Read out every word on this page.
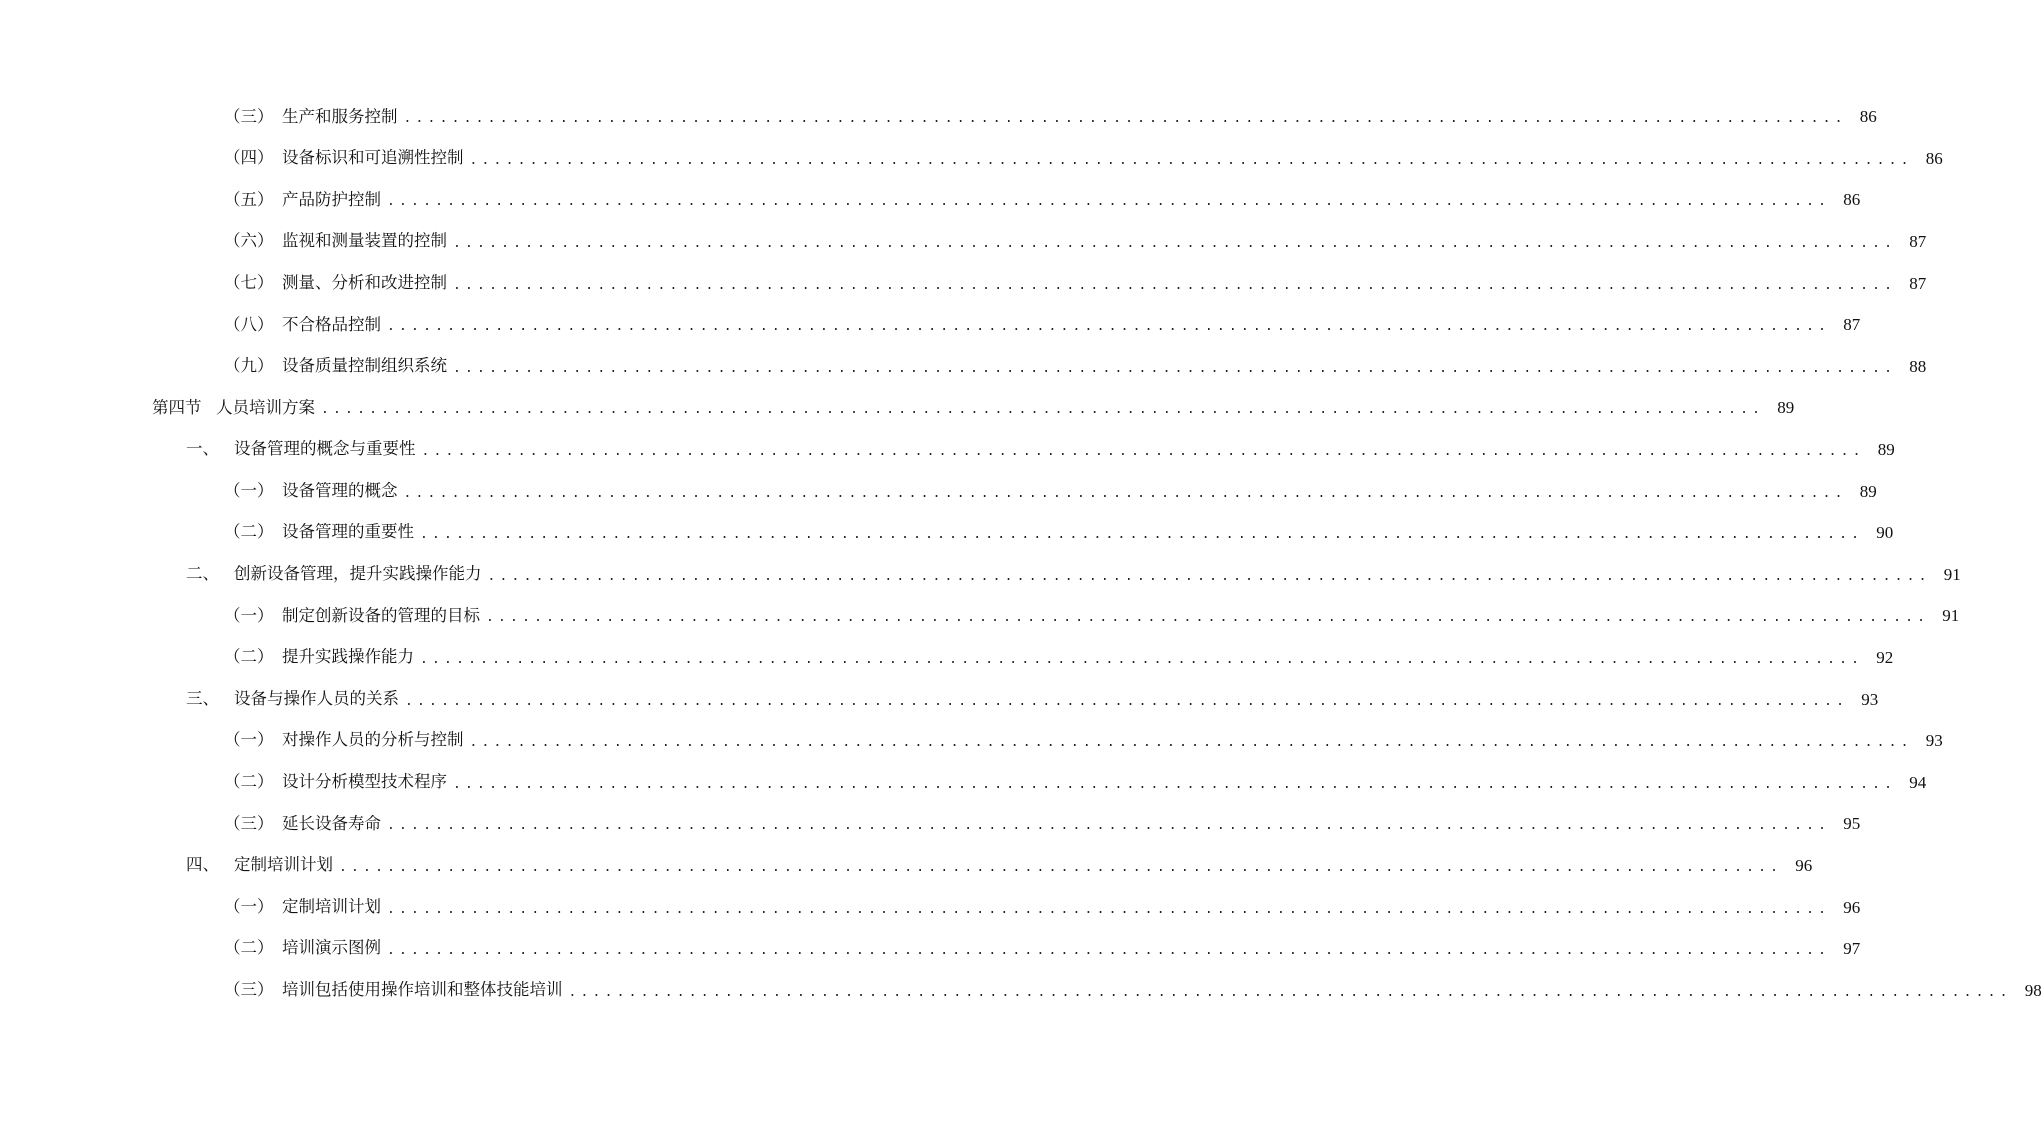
（三） 生产和服务控制 ........................................................................................................................ 86
（四） 设备标识和可追溯性控制 ........................................................................................................................ 86
（五） 产品防护控制 ........................................................................................................................ 86
（六） 监视和测量装置的控制 ........................................................................................................................ 87
（七） 测量、分析和改进控制 ........................................................................................................................ 87
（八） 不合格品控制 ........................................................................................................................ 87
（九） 设备质量控制组织系统 ........................................................................................................................ 88
第四节 人员培训方案 ........................................................................................................................ 89
一、 设备管理的概念与重要性 ........................................................................................................................ 89
（一） 设备管理的概念 ........................................................................................................................ 89
（二） 设备管理的重要性 ........................................................................................................................ 90
二、 创新设备管理，提升实践操作能力 ........................................................................................................................ 91
（一） 制定创新设备的管理的目标 ........................................................................................................................ 91
（二） 提升实践操作能力 ........................................................................................................................ 92
三、 设备与操作人员的关系 ........................................................................................................................ 93
（一） 对操作人员的分析与控制 ........................................................................................................................ 93
（二） 设计分析模型技术程序 ........................................................................................................................ 94
（三） 延长设备寿命 ........................................................................................................................ 95
四、 定制培训计划 ........................................................................................................................ 96
（一） 定制培训计划 ........................................................................................................................ 96
（二） 培训演示图例 ........................................................................................................................ 97
（三） 培训包括使用操作培训和整体技能培训 ........................................................................................................................ 98
